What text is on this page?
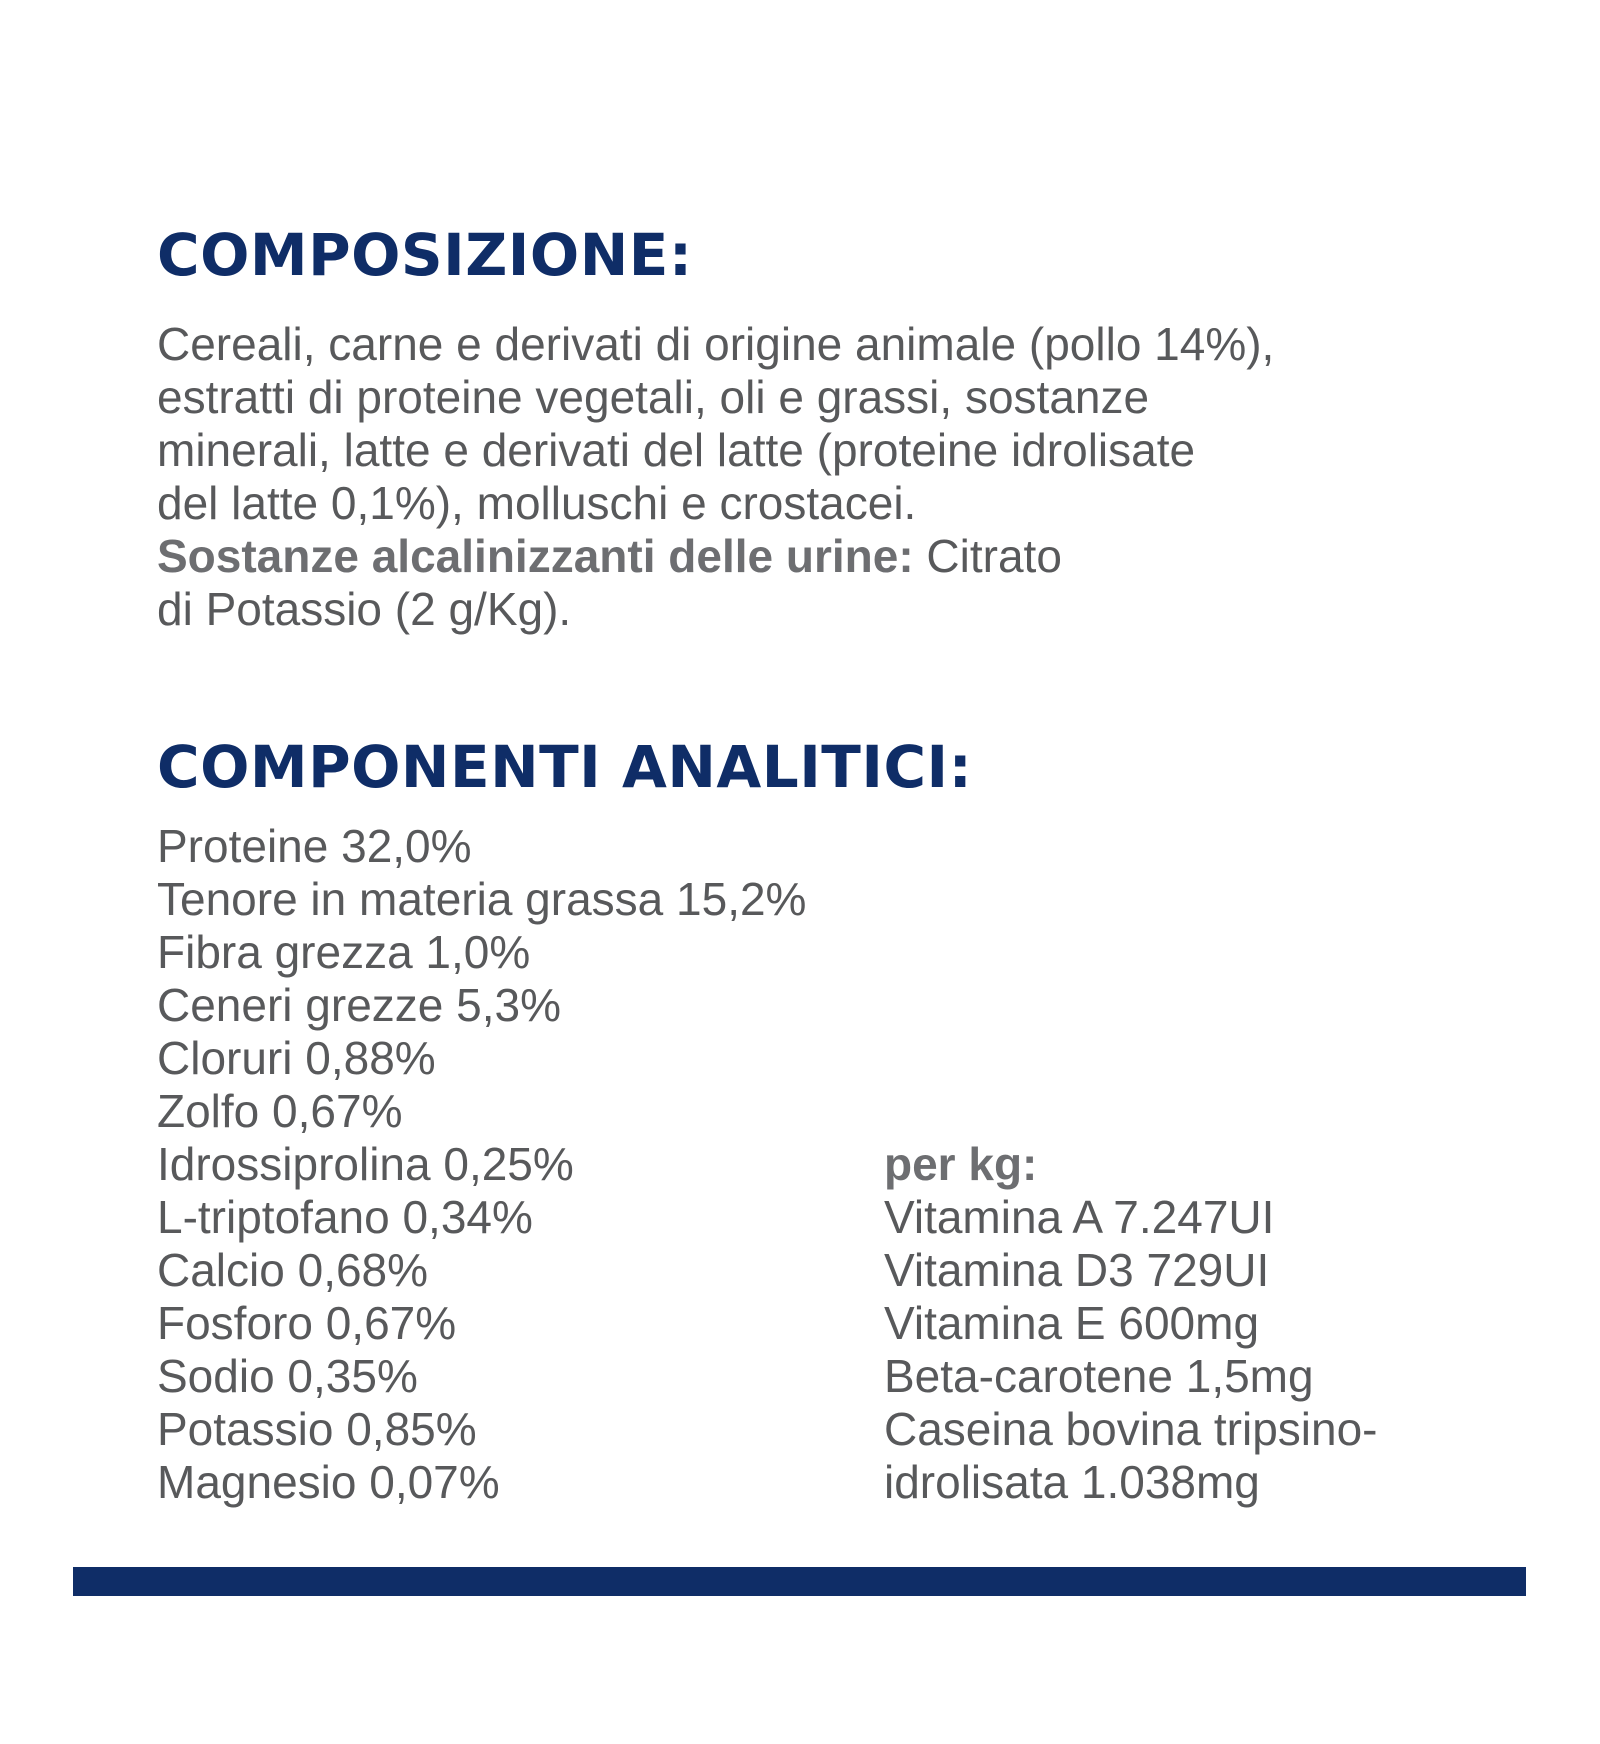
COMPOSIZIONE:
Cereali, carne e derivati di origine animale (pollo 14%),
estratti di proteine vegetali, oli e grassi, sostanze
minerali, latte e derivati del latte (proteine idrolisate
del latte 0,1%), molluschi e crostacei.
Sostanze alcalinizzanti delle urine: Citrato
di Potassio (2 g/Kg).
COMPONENTI ANALITICI:
Proteine 32,0%
Tenore in materia grassa 15,2%
Fibra grezza 1,0%
Ceneri grezze 5,3%
Cloruri 0,88%
Zolfo 0,67%
Idrossiprolina 0,25%
L-triptofano 0,34%
Calcio 0,68%
Fosforo 0,67%
Sodio 0,35%
Potassio 0,85%
Magnesio 0,07%
per kg:
Vitamina A 7.247UI
Vitamina D3 729UI
Vitamina E 600mg
Beta-carotene 1,5mg
Caseina bovina tripsino-
idrolisata 1.038mg
